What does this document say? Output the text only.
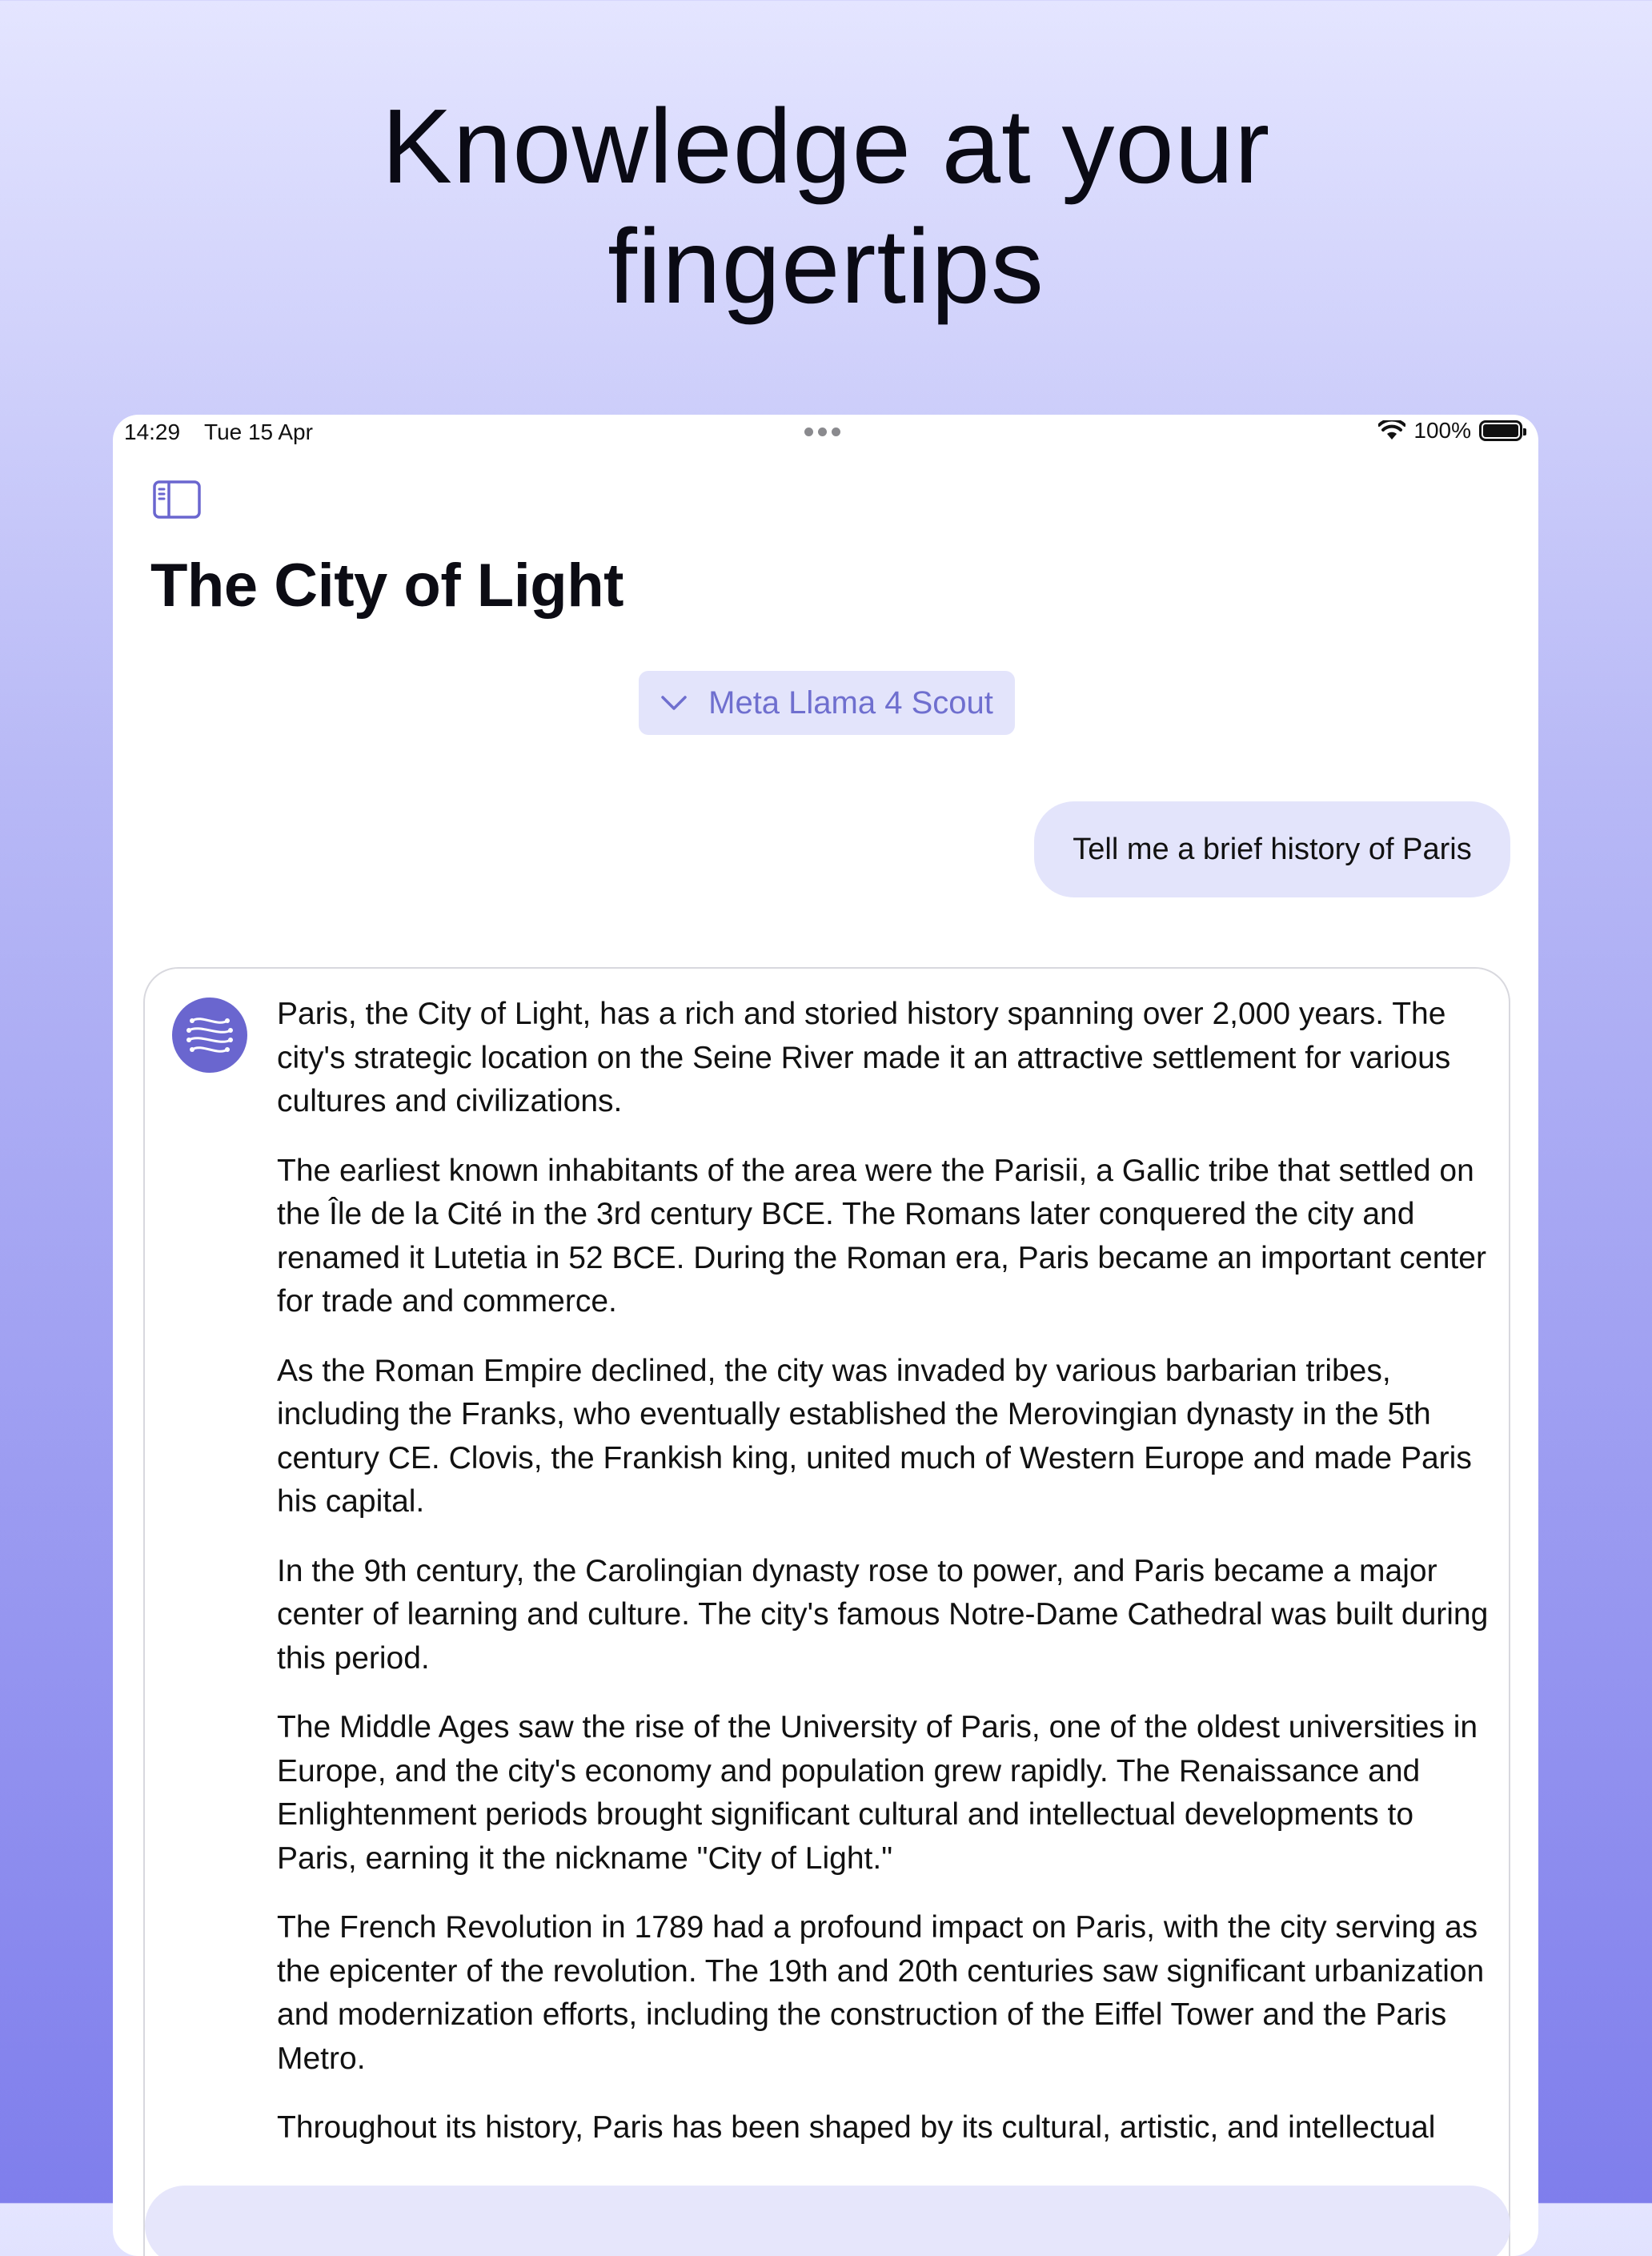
Knowledge at your
fingertips
14:29 Tue 15 Apr	100%
The City of Light
Meta Llama 4 Scout
Tell me a brief history of Paris

Paris, the City of Light, has a rich and storied history spanning over 2,000 years. The city's strategic location on the Seine River made it an attractive settlement for various cultures and civilizations.

The earliest known inhabitants of the area were the Parisii, a Gallic tribe that settled on the Île de la Cité in the 3rd century BCE. The Romans later conquered the city and renamed it Lutetia in 52 BCE. During the Roman era, Paris became an important center for trade and commerce.

As the Roman Empire declined, the city was invaded by various barbarian tribes, including the Franks, who eventually established the Merovingian dynasty in the 5th century CE. Clovis, the Frankish king, united much of Western Europe and made Paris his capital.

In the 9th century, the Carolingian dynasty rose to power, and Paris became a major center of learning and culture. The city's famous Notre-Dame Cathedral was built during this period.

The Middle Ages saw the rise of the University of Paris, one of the oldest universities in Europe, and the city's economy and population grew rapidly. The Renaissance and Enlightenment periods brought significant cultural and intellectual developments to Paris, earning it the nickname "City of Light."

The French Revolution in 1789 had a profound impact on Paris, with the city serving as the epicenter of the revolution. The 19th and 20th centuries saw significant urbanization and modernization efforts, including the construction of the Eiffel Tower and the Paris Metro.

Throughout its history, Paris has been shaped by its cultural, artistic, and intellectual
